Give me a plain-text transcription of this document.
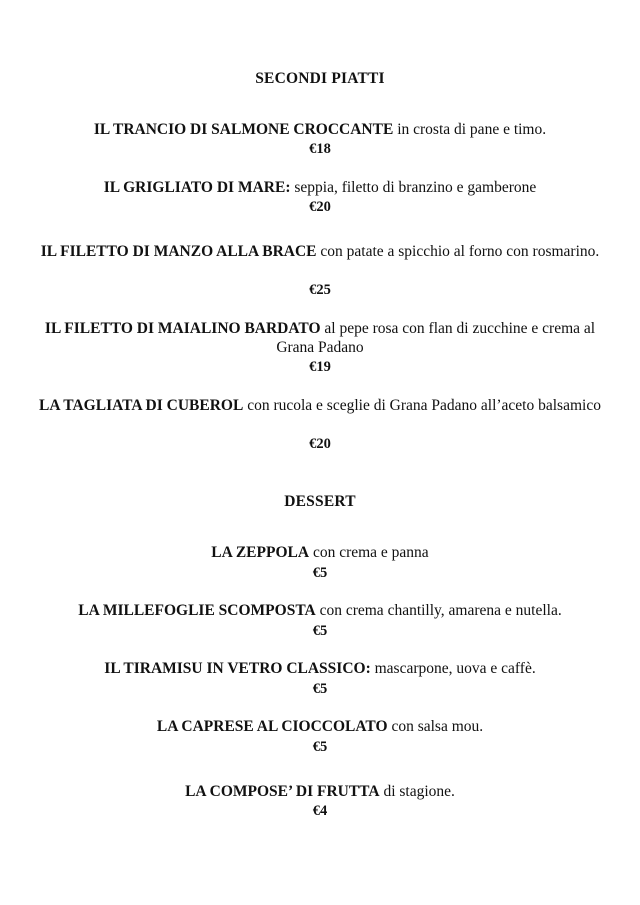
SECONDI PIATTI
IL TRANCIO DI SALMONE CROCCANTE in crosta di pane e timo.
€18
IL GRIGLIATO DI MARE: seppia, filetto di branzino e gamberone
€20
IL FILETTO DI MANZO ALLA BRACE con patate a spicchio al forno con rosmarino.
€25
IL FILETTO DI MAIALINO BARDATO al pepe rosa con flan di zucchine e crema al Grana Padano
€19
LA TAGLIATA DI CUBEROL con rucola e sceglie di Grana Padano all’aceto balsamico
€20
DESSERT
LA ZEPPOLA con crema e panna
€5
LA MILLEFOGLIE SCOMPOSTA con crema chantilly, amarena e nutella.
€5
IL TIRAMISU IN VETRO CLASSICO: mascarpone, uova e caffè.
€5
LA CAPRESE AL CIOCCOLATO con salsa mou.
€5
LA COMPOSE’ DI FRUTTA di stagione.
€4
